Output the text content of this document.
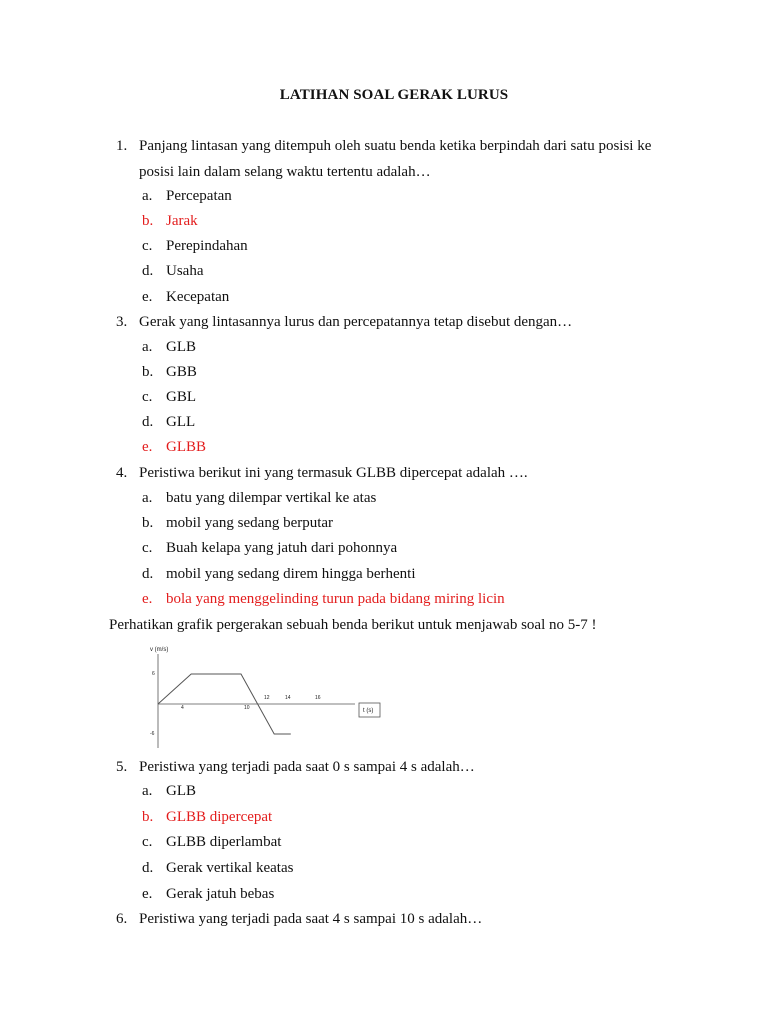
LATIHAN SOAL GERAK LURUS
1. Panjang lintasan yang ditempuh oleh suatu benda ketika berpindah dari satu posisi ke
posisi lain dalam selang waktu tertentu adalah…
a. Percepatan
b. Jarak
c. Perepindahan
d. Usaha
e. Kecepatan
3. Gerak yang lintasannya lurus dan percepatannya tetap disebut dengan…
a. GLB
b. GBB
c. GBL
d. GLL
e. GLBB
4. Peristiwa berikut ini yang termasuk GLBB dipercepat adalah ….
a. batu yang dilempar vertikal ke atas
b. mobil yang sedang berputar
c. Buah kelapa yang jatuh dari pohonnya
d. mobil yang sedang direm hingga berhenti
e. bola yang menggelinding turun pada bidang miring licin
Perhatikan grafik pergerakan sebuah benda berikut untuk menjawab soal no 5-7 !
v (m/s)
t (s)
6
-6
4	10
12	14	16
5. Peristiwa yang terjadi pada saat 0 s sampai 4 s adalah…
a. GLB
b. GLBB dipercepat
c. GLBB diperlambat
d. Gerak vertikal keatas
e. Gerak jatuh bebas
6. Peristiwa yang terjadi pada saat 4 s sampai 10 s adalah…
